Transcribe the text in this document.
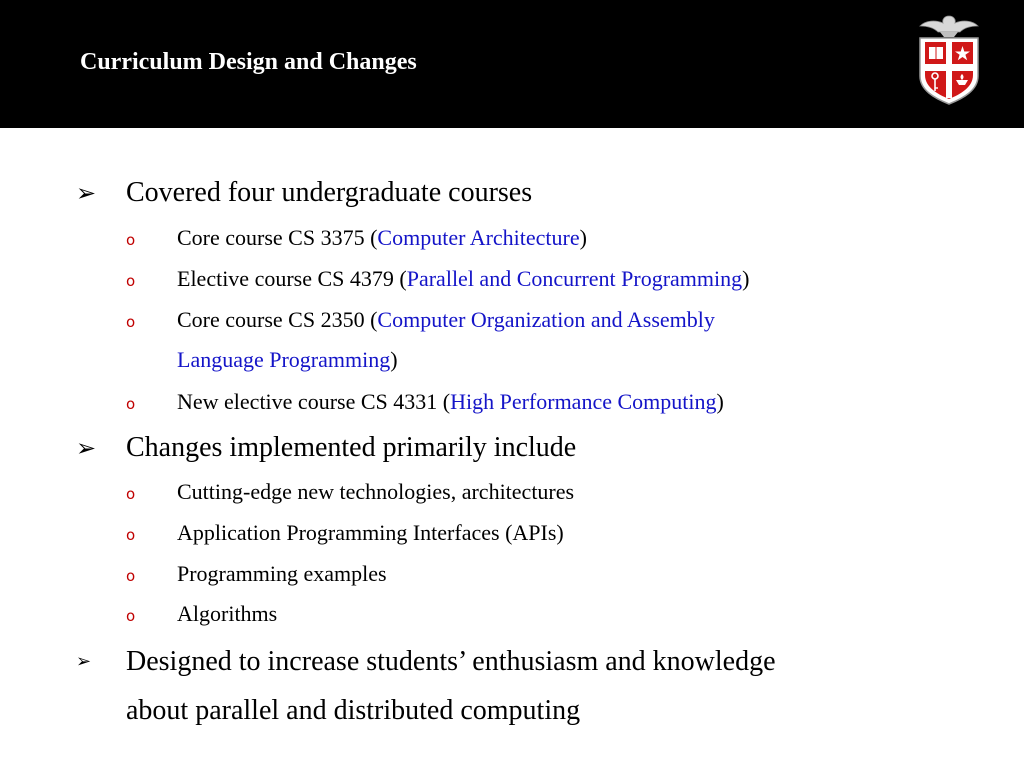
Curriculum Design and Changes
➢ Covered four undergraduate courses
o Core course CS 3375 (Computer Architecture)
o Elective course CS 4379 (Parallel and Concurrent Programming)
o Core course CS 2350 (Computer Organization and Assembly
Language Programming)
o New elective course CS 4331 (High Performance Computing)
➢ Changes implemented primarily include
o Cutting-edge new technologies, architectures
o Application Programming Interfaces (APIs)
o Programming examples
o Algorithms
➢ Designed to increase students’ enthusiasm and knowledge
about parallel and distributed computing
